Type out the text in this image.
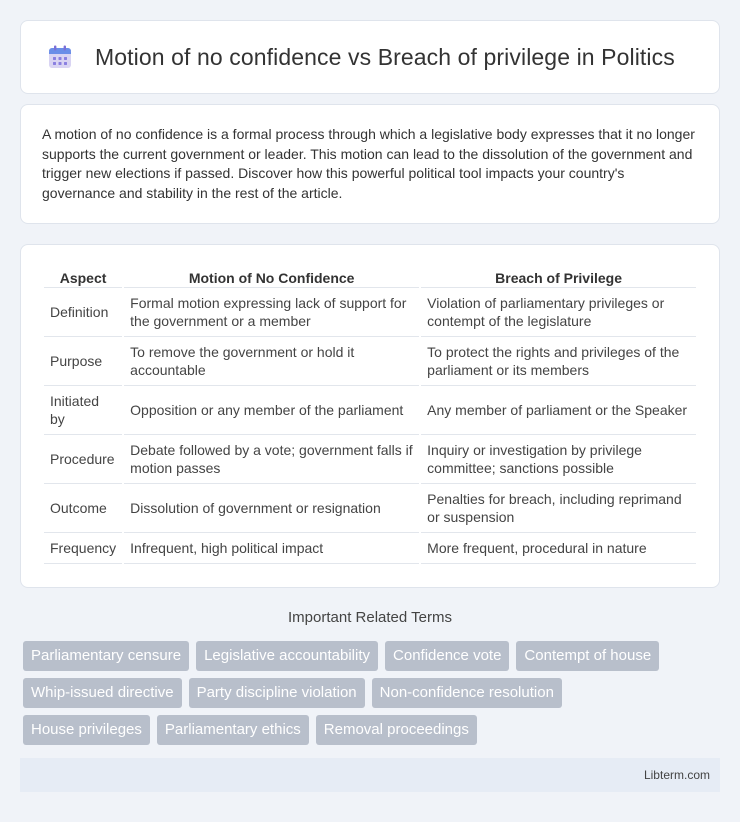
Motion of no confidence vs Breach of privilege in Politics

A motion of no confidence is a formal process through which a legislative body expresses that it no longer supports the current government or leader. This motion can lead to the dissolution of the government and trigger new elections if passed. Discover how this powerful political tool impacts your country's governance and stability in the rest of the article.

Aspect	Motion of No Confidence	Breach of Privilege
Definition	Formal motion expressing lack of support for the government or a member	Violation of parliamentary privileges or contempt of the legislature
Purpose	To remove the government or hold it accountable	To protect the rights and privileges of the parliament or its members
Initiated by	Opposition or any member of the parliament	Any member of parliament or the Speaker
Procedure	Debate followed by a vote; government falls if motion passes	Inquiry or investigation by privilege committee; sanctions possible
Outcome	Dissolution of government or resignation	Penalties for breach, including reprimand or suspension
Frequency	Infrequent, high political impact	More frequent, procedural in nature
Important Related Terms
Parliamentary censure	Legislative accountability	Confidence vote	Contempt of house
Whip-issued directive	Party discipline violation	Non-confidence resolution
House privileges	Parliamentary ethics	Removal proceedings
Libterm.com
